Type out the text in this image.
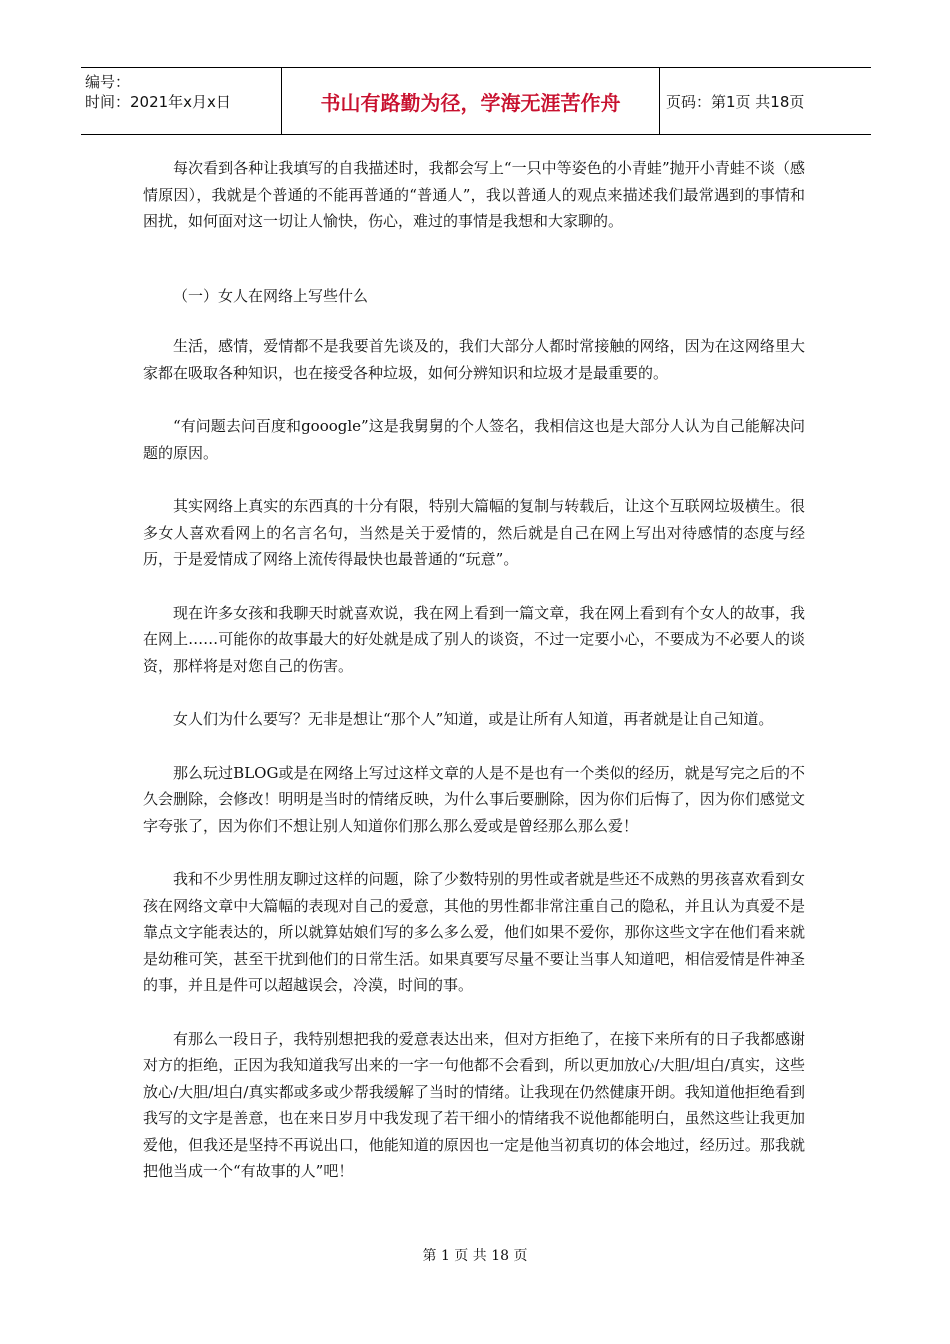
编号：
时间：2021年x月x日	书山有路勤为径，学海无涯苦作舟	页码：第1页 共18页

每次看到各种让我填写的自我描述时，我都会写上“一只中等姿色的小青蛙”抛开小青蛙不谈（感情原因），我就是个普通的不能再普通的“普通人”，我以普通人的观点来描述我们最常遇到的事情和困扰，如何面对这一切让人愉快，伤心，难过的事情是我想和大家聊的。

（一）女人在网络上写些什么

生活，感情，爱情都不是我要首先谈及的，我们大部分人都时常接触的网络，因为在这网络里大家都在吸取各种知识，也在接受各种垃圾，如何分辨知识和垃圾才是最重要的。

“有问题去问百度和gooogle”这是我舅舅的个人签名，我相信这也是大部分人认为自己能解决问题的原因。

其实网络上真实的东西真的十分有限，特别大篇幅的复制与转载后，让这个互联网垃圾横生。很多女人喜欢看网上的名言名句，当然是关于爱情的，然后就是自己在网上写出对待感情的态度与经历，于是爱情成了网络上流传得最快也最普通的“玩意”。

现在许多女孩和我聊天时就喜欢说，我在网上看到一篇文章，我在网上看到有个女人的故事，我在网上……可能你的故事最大的好处就是成了别人的谈资，不过一定要小心，不要成为不必要人的谈资，那样将是对您自己的伤害。

女人们为什么要写？无非是想让“那个人”知道，或是让所有人知道，再者就是让自己知道。

那么玩过BLOG或是在网络上写过这样文章的人是不是也有一个类似的经历，就是写完之后的不久会删除，会修改！明明是当时的情绪反映，为什么事后要删除，因为你们后悔了，因为你们感觉文字夸张了，因为你们不想让别人知道你们那么那么爱或是曾经那么那么爱！

我和不少男性朋友聊过这样的问题，除了少数特别的男性或者就是些还不成熟的男孩喜欢看到女孩在网络文章中大篇幅的表现对自己的爱意，其他的男性都非常注重自己的隐私，并且认为真爱不是靠点文字能表达的，所以就算姑娘们写的多么多么爱，他们如果不爱你，那你这些文字在他们看来就是幼稚可笑，甚至干扰到他们的日常生活。如果真要写尽量不要让当事人知道吧，相信爱情是件神圣的事，并且是件可以超越误会，冷漠，时间的事。

有那么一段日子，我特别想把我的爱意表达出来，但对方拒绝了，在接下来所有的日子我都感谢对方的拒绝，正因为我知道我写出来的一字一句他都不会看到，所以更加放心/大胆/坦白/真实，这些放心/大胆/坦白/真实都或多或少帮我缓解了当时的情绪。让我现在仍然健康开朗。我知道他拒绝看到我写的文字是善意，也在来日岁月中我发现了若干细小的情绪我不说他都能明白，虽然这些让我更加爱他，但我还是坚持不再说出口，他能知道的原因也一定是他当初真切的体会地过，经历过。那我就把他当成一个“有故事的人”吧！

第 1 页 共 18 页
